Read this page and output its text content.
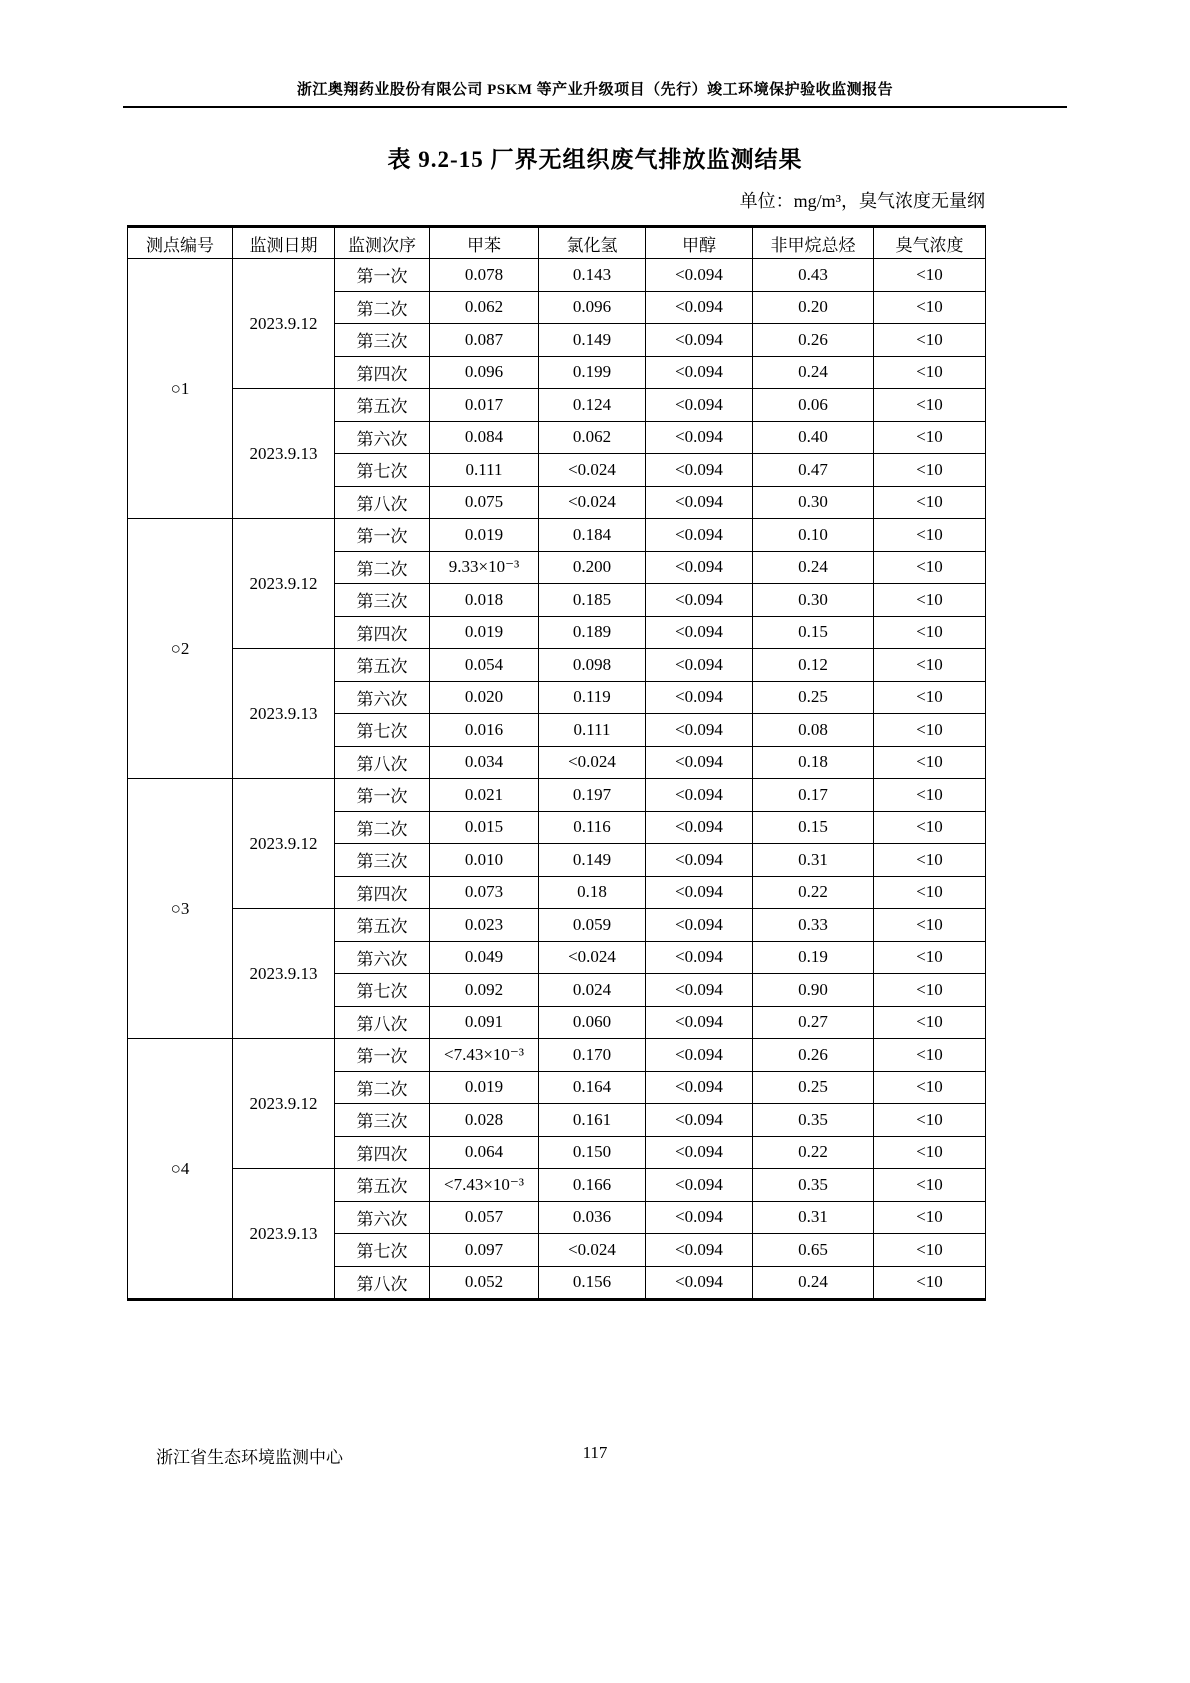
浙江奥翔药业股份有限公司 PSKM 等产业升级项目（先行）竣工环境保护验收监测报告
表 9.2-15 厂界无组织废气排放监测结果
单位：mg/m³，臭气浓度无量纲
测点编号	监测日期	监测次序	甲苯	氯化氢	甲醇	非甲烷总烃	臭气浓度
○1	2023.9.12	第一次	0.078	0.143	<0.094	0.43	<10
		第二次	0.062	0.096	<0.094	0.20	<10
		第三次	0.087	0.149	<0.094	0.26	<10
		第四次	0.096	0.199	<0.094	0.24	<10
	2023.9.13	第五次	0.017	0.124	<0.094	0.06	<10
		第六次	0.084	0.062	<0.094	0.40	<10
		第七次	0.111	<0.024	<0.094	0.47	<10
		第八次	0.075	<0.024	<0.094	0.30	<10
○2	2023.9.12	第一次	0.019	0.184	<0.094	0.10	<10
		第二次	9.33×10⁻³	0.200	<0.094	0.24	<10
		第三次	0.018	0.185	<0.094	0.30	<10
		第四次	0.019	0.189	<0.094	0.15	<10
	2023.9.13	第五次	0.054	0.098	<0.094	0.12	<10
		第六次	0.020	0.119	<0.094	0.25	<10
		第七次	0.016	0.111	<0.094	0.08	<10
		第八次	0.034	<0.024	<0.094	0.18	<10
○3	2023.9.12	第一次	0.021	0.197	<0.094	0.17	<10
		第二次	0.015	0.116	<0.094	0.15	<10
		第三次	0.010	0.149	<0.094	0.31	<10
		第四次	0.073	0.18	<0.094	0.22	<10
	2023.9.13	第五次	0.023	0.059	<0.094	0.33	<10
		第六次	0.049	<0.024	<0.094	0.19	<10
		第七次	0.092	0.024	<0.094	0.90	<10
		第八次	0.091	0.060	<0.094	0.27	<10
○4	2023.9.12	第一次	<7.43×10⁻³	0.170	<0.094	0.26	<10
		第二次	0.019	0.164	<0.094	0.25	<10
		第三次	0.028	0.161	<0.094	0.35	<10
		第四次	0.064	0.150	<0.094	0.22	<10
	2023.9.13	第五次	<7.43×10⁻³	0.166	<0.094	0.35	<10
		第六次	0.057	0.036	<0.094	0.31	<10
		第七次	0.097	<0.024	<0.094	0.65	<10
		第八次	0.052	0.156	<0.094	0.24	<10
浙江省生态环境监测中心	117
